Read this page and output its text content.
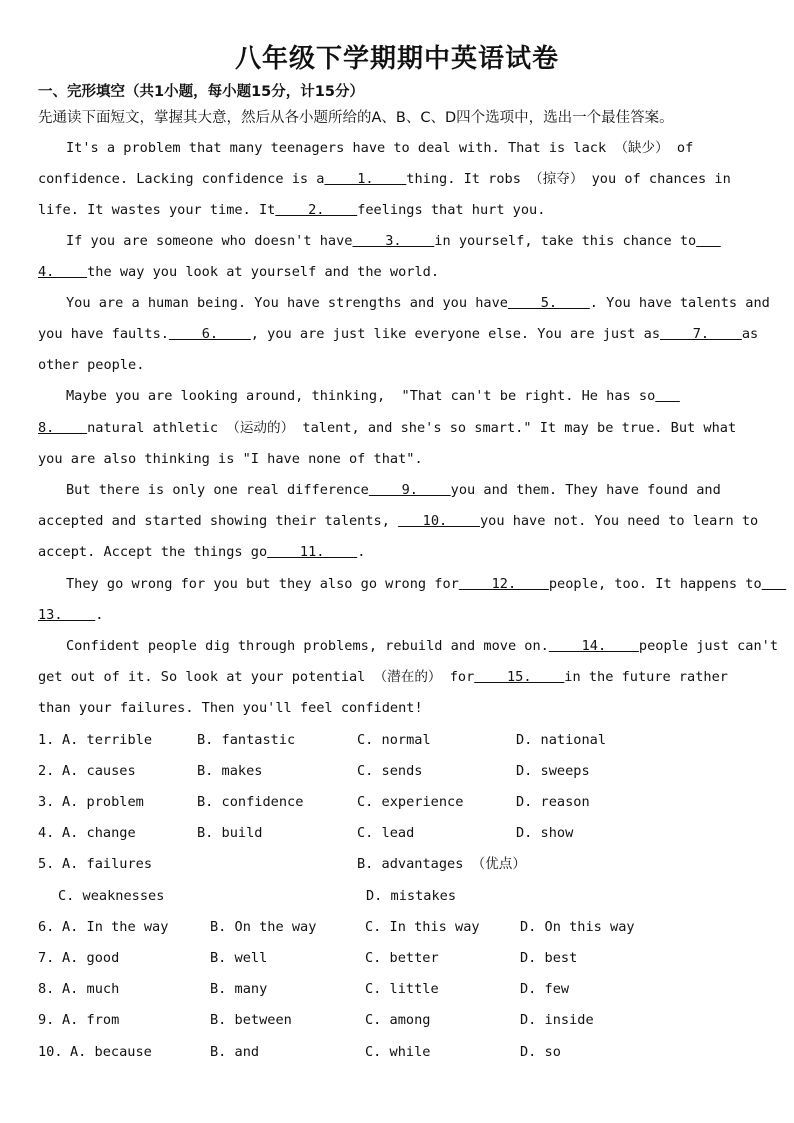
八年级下学期期中英语试卷
一、完形填空（共1小题，每小题15分，计15分）
先通读下面短文，掌握其大意，然后从各小题所给的A、B、C、D四个选项中，选出一个最佳答案。
It's a problem that many teenagers have to deal with. That is lack （缺少） of
confidence. Lacking confidence is a    1.    thing. It robs （掠夺） you of chances in
life. It wastes your time. It    2.    feelings that hurt you.
If you are someone who doesn't have    3.    in yourself, take this chance to
4.    the way you look at yourself and the world.
You are a human being. You have strengths and you have    5.    . You have talents and
you have faults.    6.    , you are just like everyone else. You are just as    7.    as
other people.
Maybe you are looking around, thinking,  "That can't be right. He has so
8.    natural athletic （运动的） talent, and she's so smart." It may be true. But what
you are also thinking is "I have none of that".
But there is only one real difference    9.    you and them. They have found and
accepted and started showing their talents,    10.    you have not. You need to learn to
accept. Accept the things go    11.    .
They go wrong for you but they also go wrong for    12.    people, too. It happens to
13.    .
Confident people dig through problems, rebuild and move on.    14.    people just can't
get out of it. So look at your potential （潜在的） for    15.    in the future rather
than your failures. Then you'll feel confident!
1. A. terrible	B. fantastic	C. normal	D. national
2. A. causes	B. makes	C. sends	D. sweeps
3. A. problem	B. confidence	C. experience	D. reason
4. A. change	B. build	C. lead	D. show
5. A. failures	B. advantages （优点）
C. weaknesses	D. mistakes
6. A. In the way	B. On the way	C. In this way	D. On this way
7. A. good	B. well	C. better	D. best
8. A. much	B. many	C. little	D. few
9. A. from	B. between	C. among	D. inside
10. A. because	B. and	C. while	D. so
